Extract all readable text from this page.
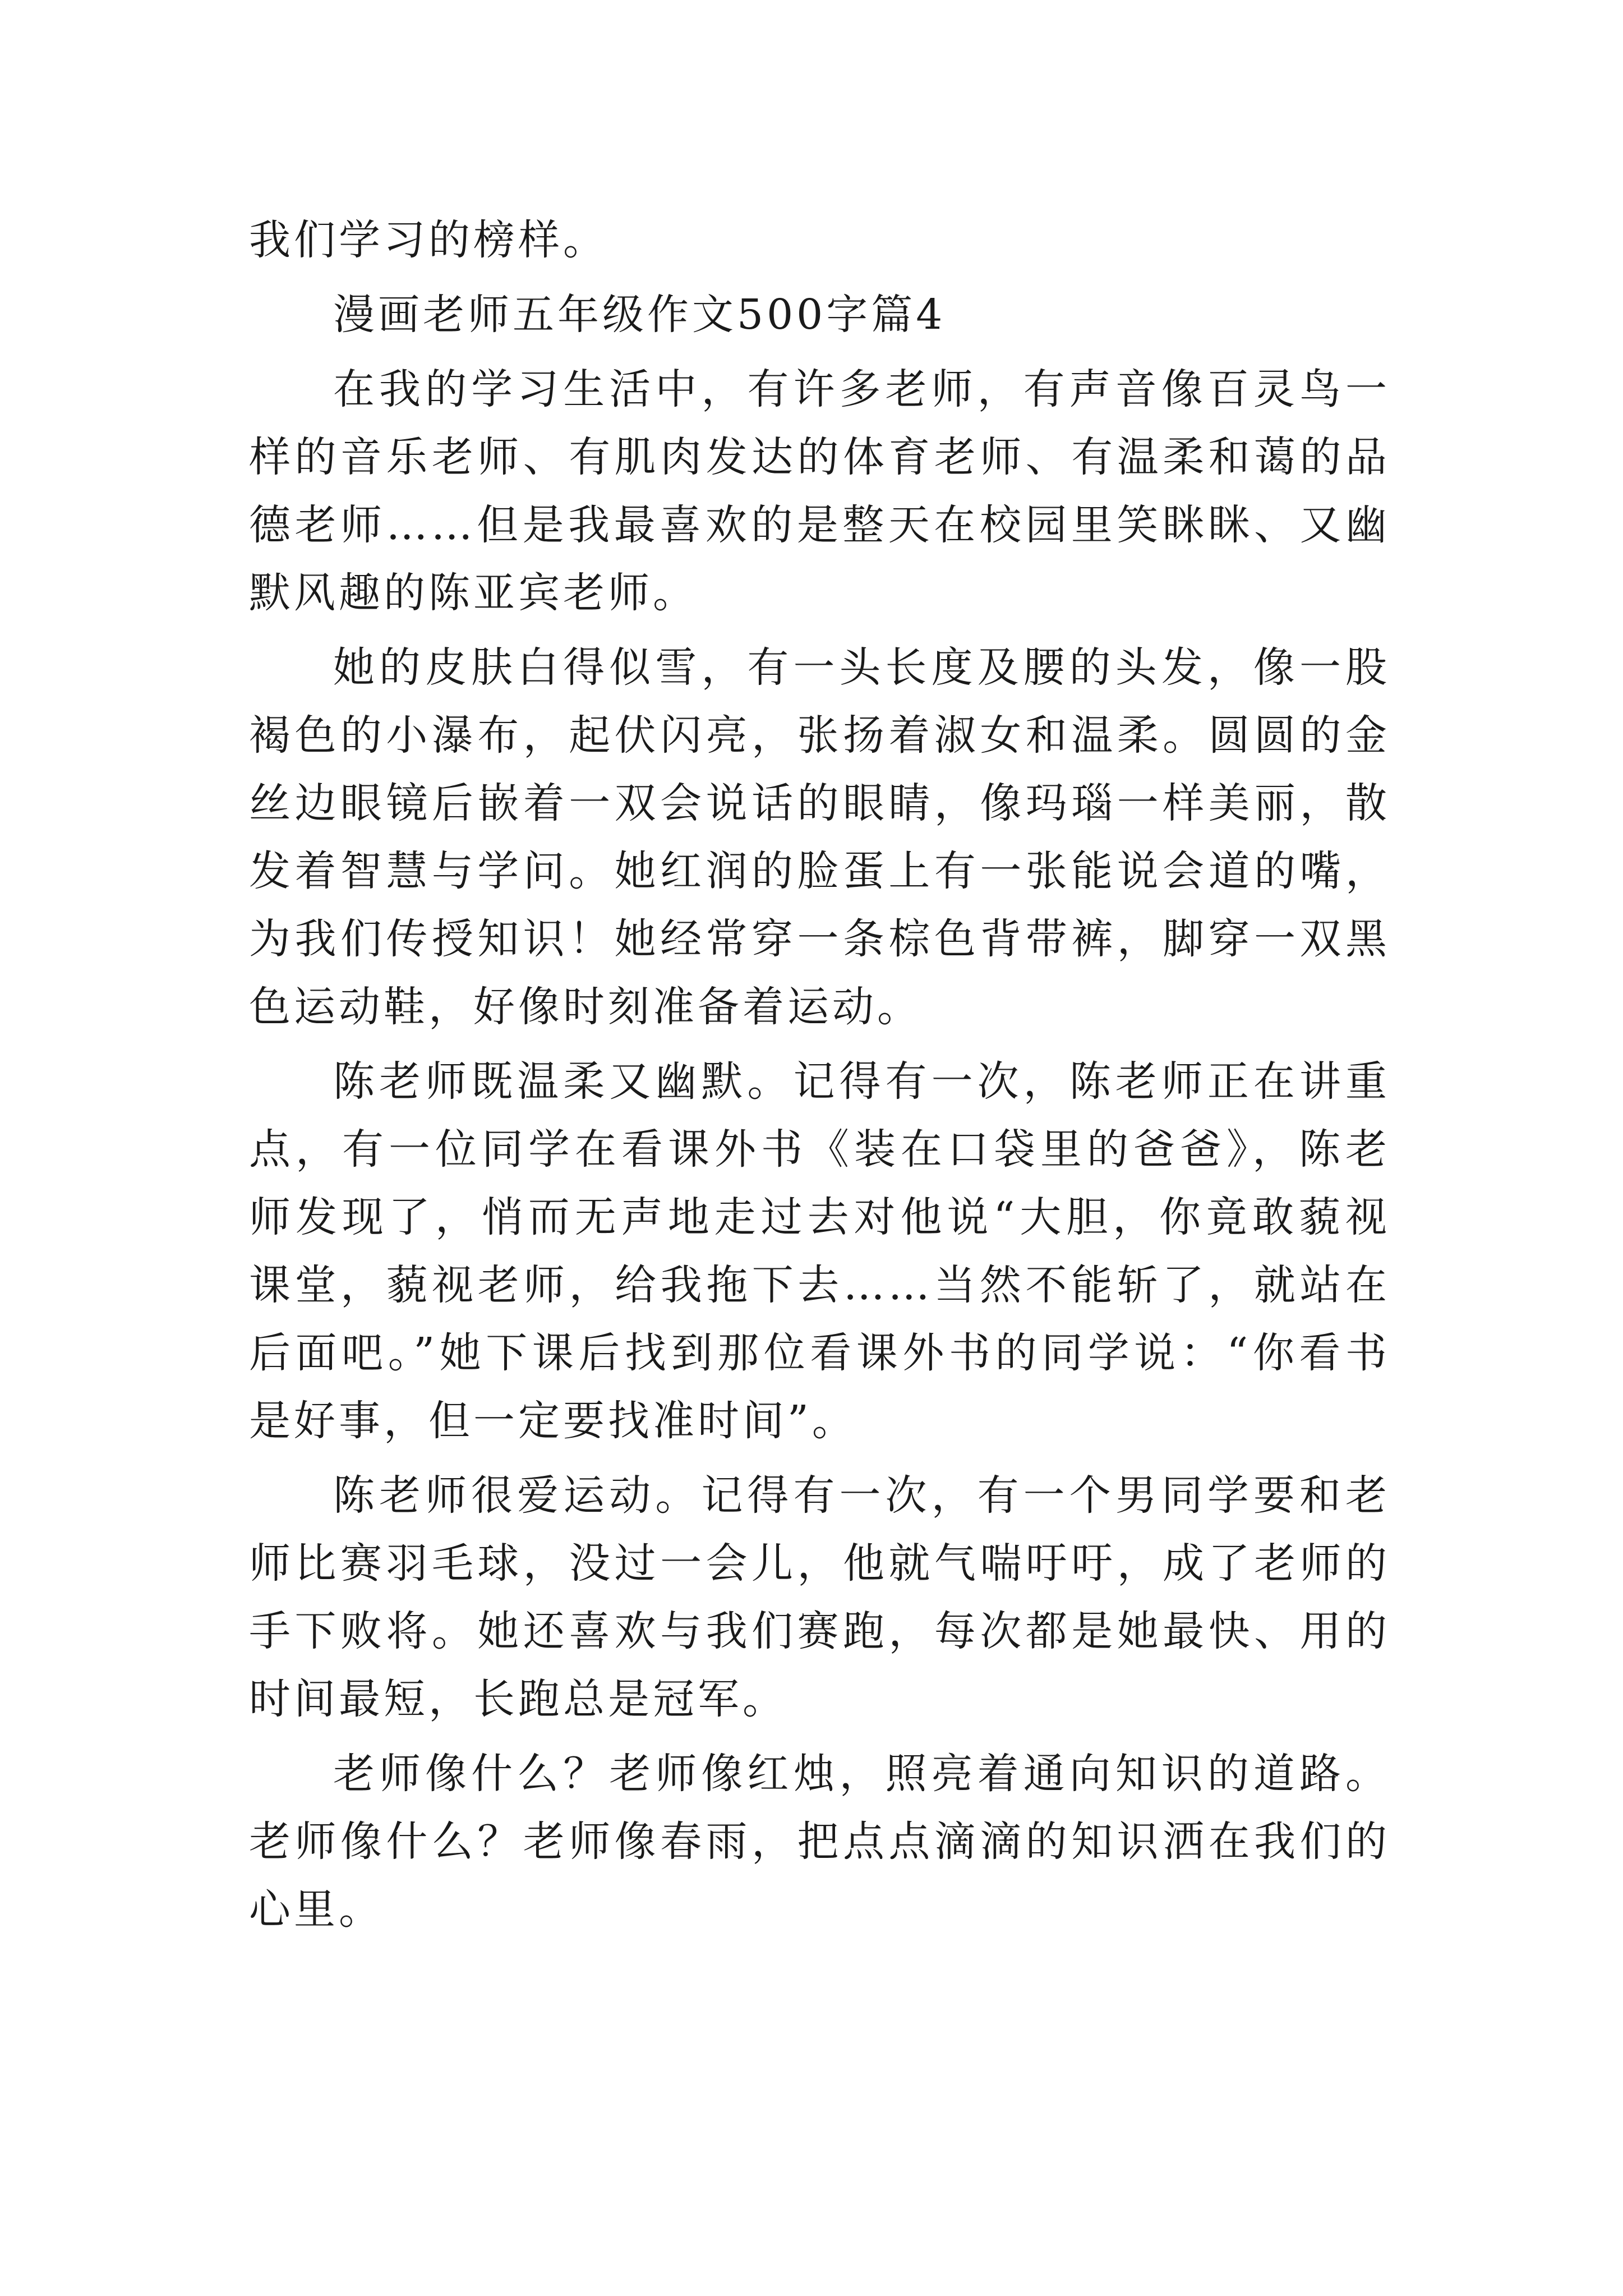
我们学习的榜样。

漫画老师五年级作文500字篇4

在我的学习生活中，有许多老师，有声音像百灵鸟一样的音乐老师、有肌肉发达的体育老师、有温柔和蔼的品德老师……但是我最喜欢的是整天在校园里笑眯眯、又幽默风趣的陈亚宾老师。

她的皮肤白得似雪，有一头长度及腰的头发，像一股褐色的小瀑布，起伏闪亮，张扬着淑女和温柔。圆圆的金丝边眼镜后嵌着一双会说话的眼睛，像玛瑙一样美丽，散发着智慧与学问。她红润的脸蛋上有一张能说会道的嘴，为我们传授知识！她经常穿一条棕色背带裤，脚穿一双黑色运动鞋，好像时刻准备着运动。

陈老师既温柔又幽默。记得有一次，陈老师正在讲重点，有一位同学在看课外书《装在口袋里的爸爸》，陈老师发现了，悄而无声地走过去对他说“大胆，你竟敢藐视课堂，藐视老师，给我拖下去……当然不能斩了，就站在后面吧。”她下课后找到那位看课外书的同学说：“你看书是好事，但一定要找准时间”。

陈老师很爱运动。记得有一次，有一个男同学要和老师比赛羽毛球，没过一会儿，他就气喘吁吁，成了老师的手下败将。她还喜欢与我们赛跑，每次都是她最快、用的时间最短，长跑总是冠军。

老师像什么？老师像红烛，照亮着通向知识的道路。老师像什么？老师像春雨，把点点滴滴的知识洒在我们的心里。
